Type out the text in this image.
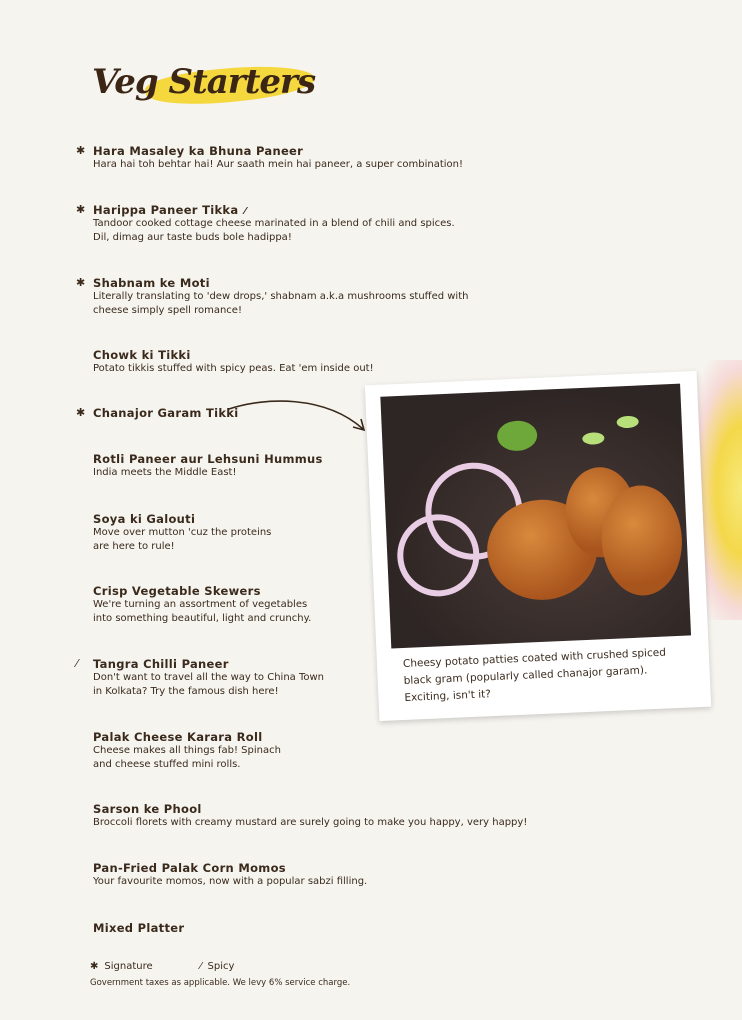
Veg Starters
✱ Hara Masaley ka Bhuna Paneer
Hara hai toh behtar hai! Aur saath mein hai paneer, a super combination!
✱ Harippa Paneer Tikka ⁄
Tandoor cooked cottage cheese marinated in a blend of chili and spices.
Dil, dimag aur taste buds bole hadippa!
✱ Shabnam ke Moti
Literally translating to 'dew drops,' shabnam a.k.a mushrooms stuffed with
cheese simply spell romance!
Chowk ki Tikki
Potato tikkis stuffed with spicy peas. Eat 'em inside out!
✱ Chanajor Garam Tikki
Rotli Paneer aur Lehsuni Hummus
India meets the Middle East!
Soya ki Galouti
Move over mutton 'cuz the proteins
are here to rule!
Crisp Vegetable Skewers
We're turning an assortment of vegetables
into something beautiful, light and crunchy.
⁄ Tangra Chilli Paneer
Don't want to travel all the way to China Town
in Kolkata? Try the famous dish here!
Palak Cheese Karara Roll
Cheese makes all things fab! Spinach
and cheese stuffed mini rolls.
Sarson ke Phool
Broccoli florets with creamy mustard are surely going to make you happy, very happy!
Pan-Fried Palak Corn Momos
Your favourite momos, now with a popular sabzi filling.
Mixed Platter
Cheesy potato patties coated with crushed spiced black gram (popularly called chanajor garam). Exciting, isn't it?
✱ Signature	⁄ Spicy
Government taxes as applicable. We levy 6% service charge.
